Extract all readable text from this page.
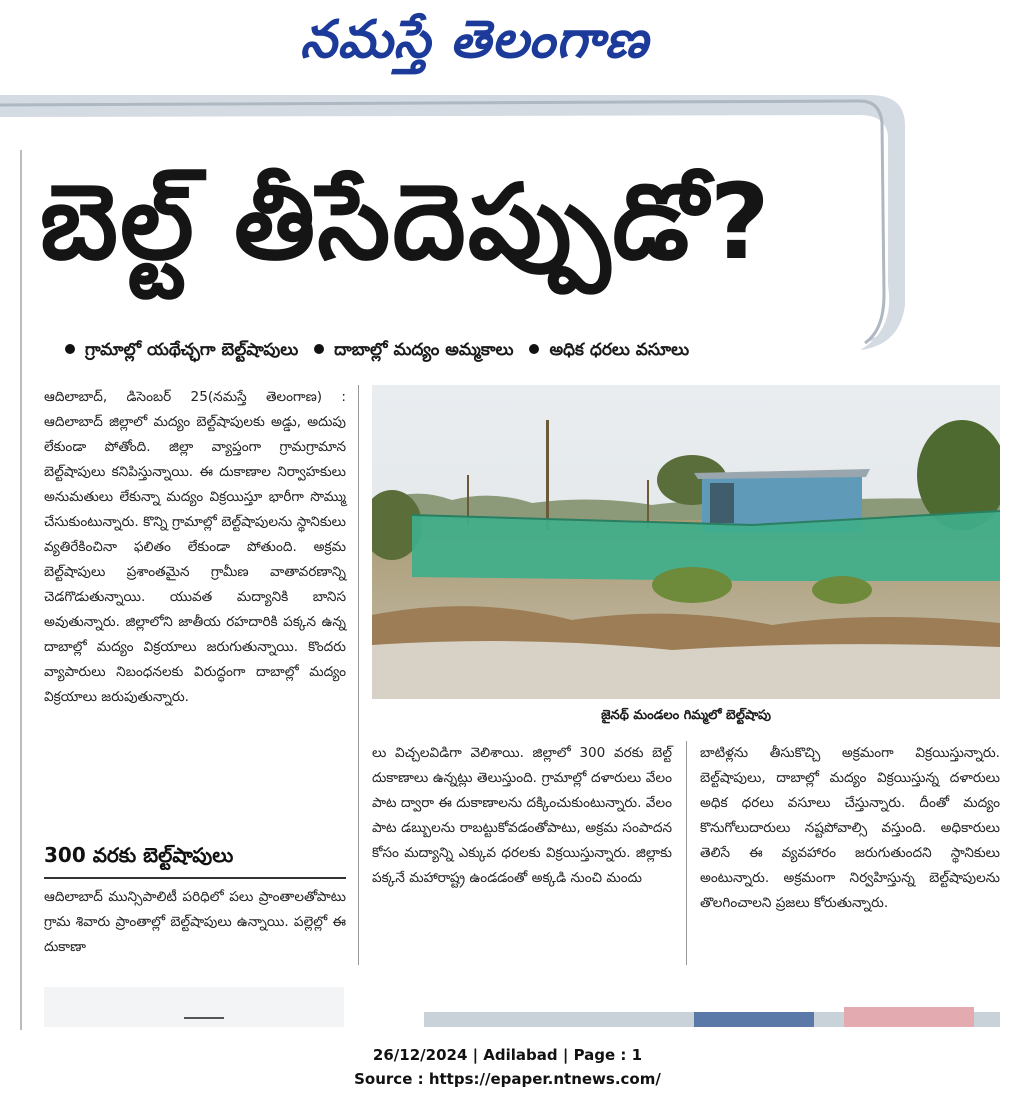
నమస్తే తెలంగాణ
బెల్ట్‌ తీసేదెప్పుడో?
గ్రామాల్లో యథేచ్ఛగా బెల్ట్‌షాపులు దాబాల్లో మద్యం అమ్మకాలు అధిక ధరలు వసూలు

ఆదిలాబాద్‌, డిసెంబర్‌ 25(నమస్తే తెలంగాణ) : ఆదిలాబాద్‌ జిల్లాలో మద్యం బెల్ట్‌షాపులకు అడ్డు, అదుపు లేకుండా పోతోంది. జిల్లా వ్యాప్తంగా గ్రామగ్రామాన బెల్ట్‌షాపులు కనిపిస్తున్నాయి. ఈ దుకాణాల నిర్వాహకులు అనుమతులు లేకున్నా మద్యం విక్రయిస్తూ భారీగా సొమ్ము చేసుకుంటున్నారు. కొన్ని గ్రామాల్లో బెల్ట్‌షాపులను స్థానికులు వ్యతిరేకించినా ఫలితం లేకుండా పోతుంది. అక్రమ బెల్ట్‌షాపులు ప్రశాంతమైన గ్రామీణ వాతావరణాన్ని చెడగొడుతున్నాయి. యువత మద్యానికి బానిస అవుతున్నారు. జిల్లాలోని జాతీయ రహదారికి పక్కన ఉన్న దాబాల్లో మద్యం విక్రయాలు జరుగుతున్నాయి. కొందరు వ్యాపారులు నిబంధనలకు విరుద్ధంగా దాబాల్లో మద్యం విక్రయాలు జరుపుతున్నారు.

300 వరకు బెల్ట్‌షాపులు

ఆదిలాబాద్‌ మున్సిపాలిటీ పరిధిలో పలు ప్రాంతాలతోపాటు గ్రామ శివారు ప్రాంతాల్లో బెల్ట్‌షాపులు ఉన్నాయి. పల్లెల్లో ఈ దుకాణా

జైనథ్‌ మండలం గిమ్మలో బెల్ట్‌షాపు

లు విచ్చలవిడిగా వెలిశాయి. జిల్లాలో 300 వరకు బెల్ట్‌ దుకాణాలు ఉన్నట్లు తెలుస్తుంది. గ్రామాల్లో దళారులు వేలం పాట ద్వారా ఈ దుకాణాలను దక్కించుకుంటున్నారు. వేలం పాట డబ్బులను రాబట్టుకోవడంతోపాటు, అక్రమ సంపాదన కోసం మద్యాన్ని ఎక్కువ ధరలకు విక్రయిస్తున్నారు. జిల్లాకు పక్కనే మహారాష్ట్ర ఉండడంతో అక్కడి నుంచి మందు

బాటిళ్లను తీసుకొచ్చి అక్రమంగా విక్రయిస్తున్నారు. బెల్ట్‌షాపులు, దాబాల్లో మద్యం విక్రయిస్తున్న దళారులు అధిక ధరలు వసూలు చేస్తున్నారు. దీంతో మద్యం కొనుగోలుదారులు నష్టపోవాల్సి వస్తుంది. అధికారులు తెలిసే ఈ వ్యవహారం జరుగుతుందని స్థానికులు అంటున్నారు. అక్రమంగా నిర్వహిస్తున్న బెల్ట్‌షాపులను తొలగించాలని ప్రజలు కోరుతున్నారు.

26/12/2024 | Adilabad | Page : 1
Source : https://epaper.ntnews.com/
